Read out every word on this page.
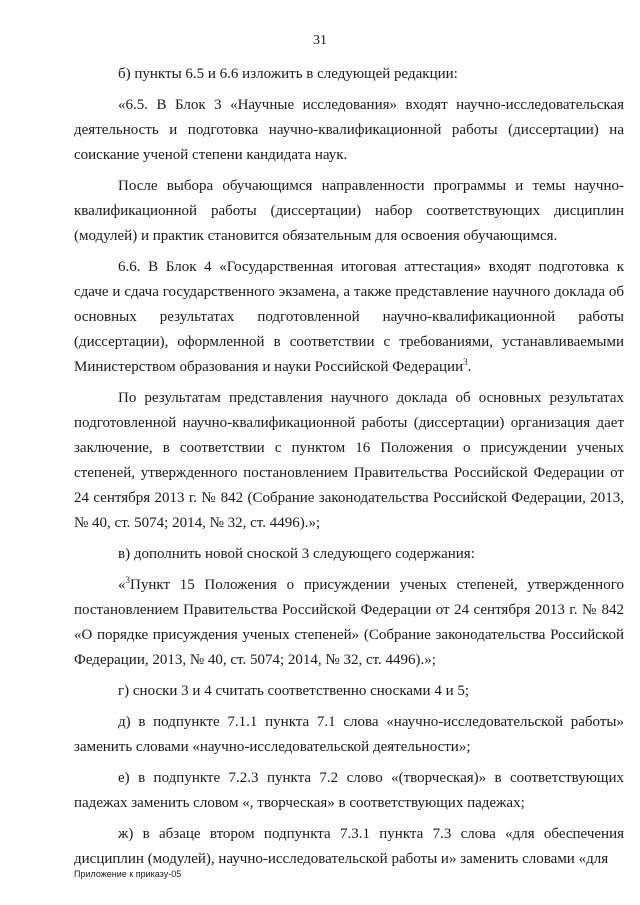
31

б) пункты 6.5 и 6.6 изложить в следующей редакции:

«6.5. В Блок 3 «Научные исследования» входят научно-исследовательская деятельность и подготовка научно-квалификационной работы (диссертации) на соискание ученой степени кандидата наук.

После выбора обучающимся направленности программы и темы научно-квалификационной работы (диссертации) набор соответствующих дисциплин (модулей) и практик становится обязательным для освоения обучающимся.

6.6. В Блок 4 «Государственная итоговая аттестация» входят подготовка к сдаче и сдача государственного экзамена, а также представление научного доклада об основных результатах подготовленной научно-квалификационной работы (диссертации), оформленной в соответствии с требованиями, устанавливаемыми Министерством образования и науки Российской Федерации$^3$.

По результатам представления научного доклада об основных результатах подготовленной научно-квалификационной работы (диссертации) организация дает заключение, в соответствии с пунктом 16 Положения о присуждении ученых степеней, утвержденного постановлением Правительства Российской Федерации от 24 сентября 2013 г. № 842 (Собрание законодательства Российской Федерации, 2013, № 40, ст. 5074; 2014, № 32, ст. 4496).»;

в) дополнить новой сноской 3 следующего содержания:

«$^3$Пункт 15 Положения о присуждении ученых степеней, утвержденного постановлением Правительства Российской Федерации от 24 сентября 2013 г. № 842 «О порядке присуждения ученых степеней» (Собрание законодательства Российской Федерации, 2013, № 40, ст. 5074; 2014, № 32, ст. 4496).»;

г) сноски 3 и 4 считать соответственно сносками 4 и 5;

д) в подпункте 7.1.1 пункта 7.1 слова «научно-исследовательской работы» заменить словами «научно-исследовательской деятельности»;

е) в подпункте 7.2.3 пункта 7.2 слово «(творческая)» в соответствующих падежах заменить словом «, творческая» в соответствующих падежах;

ж) в абзаце втором подпункта 7.3.1 пункта 7.3 слова «для обеспечения дисциплин (модулей), научно-исследовательской работы и» заменить словами «для

Приложение к приказу-05
